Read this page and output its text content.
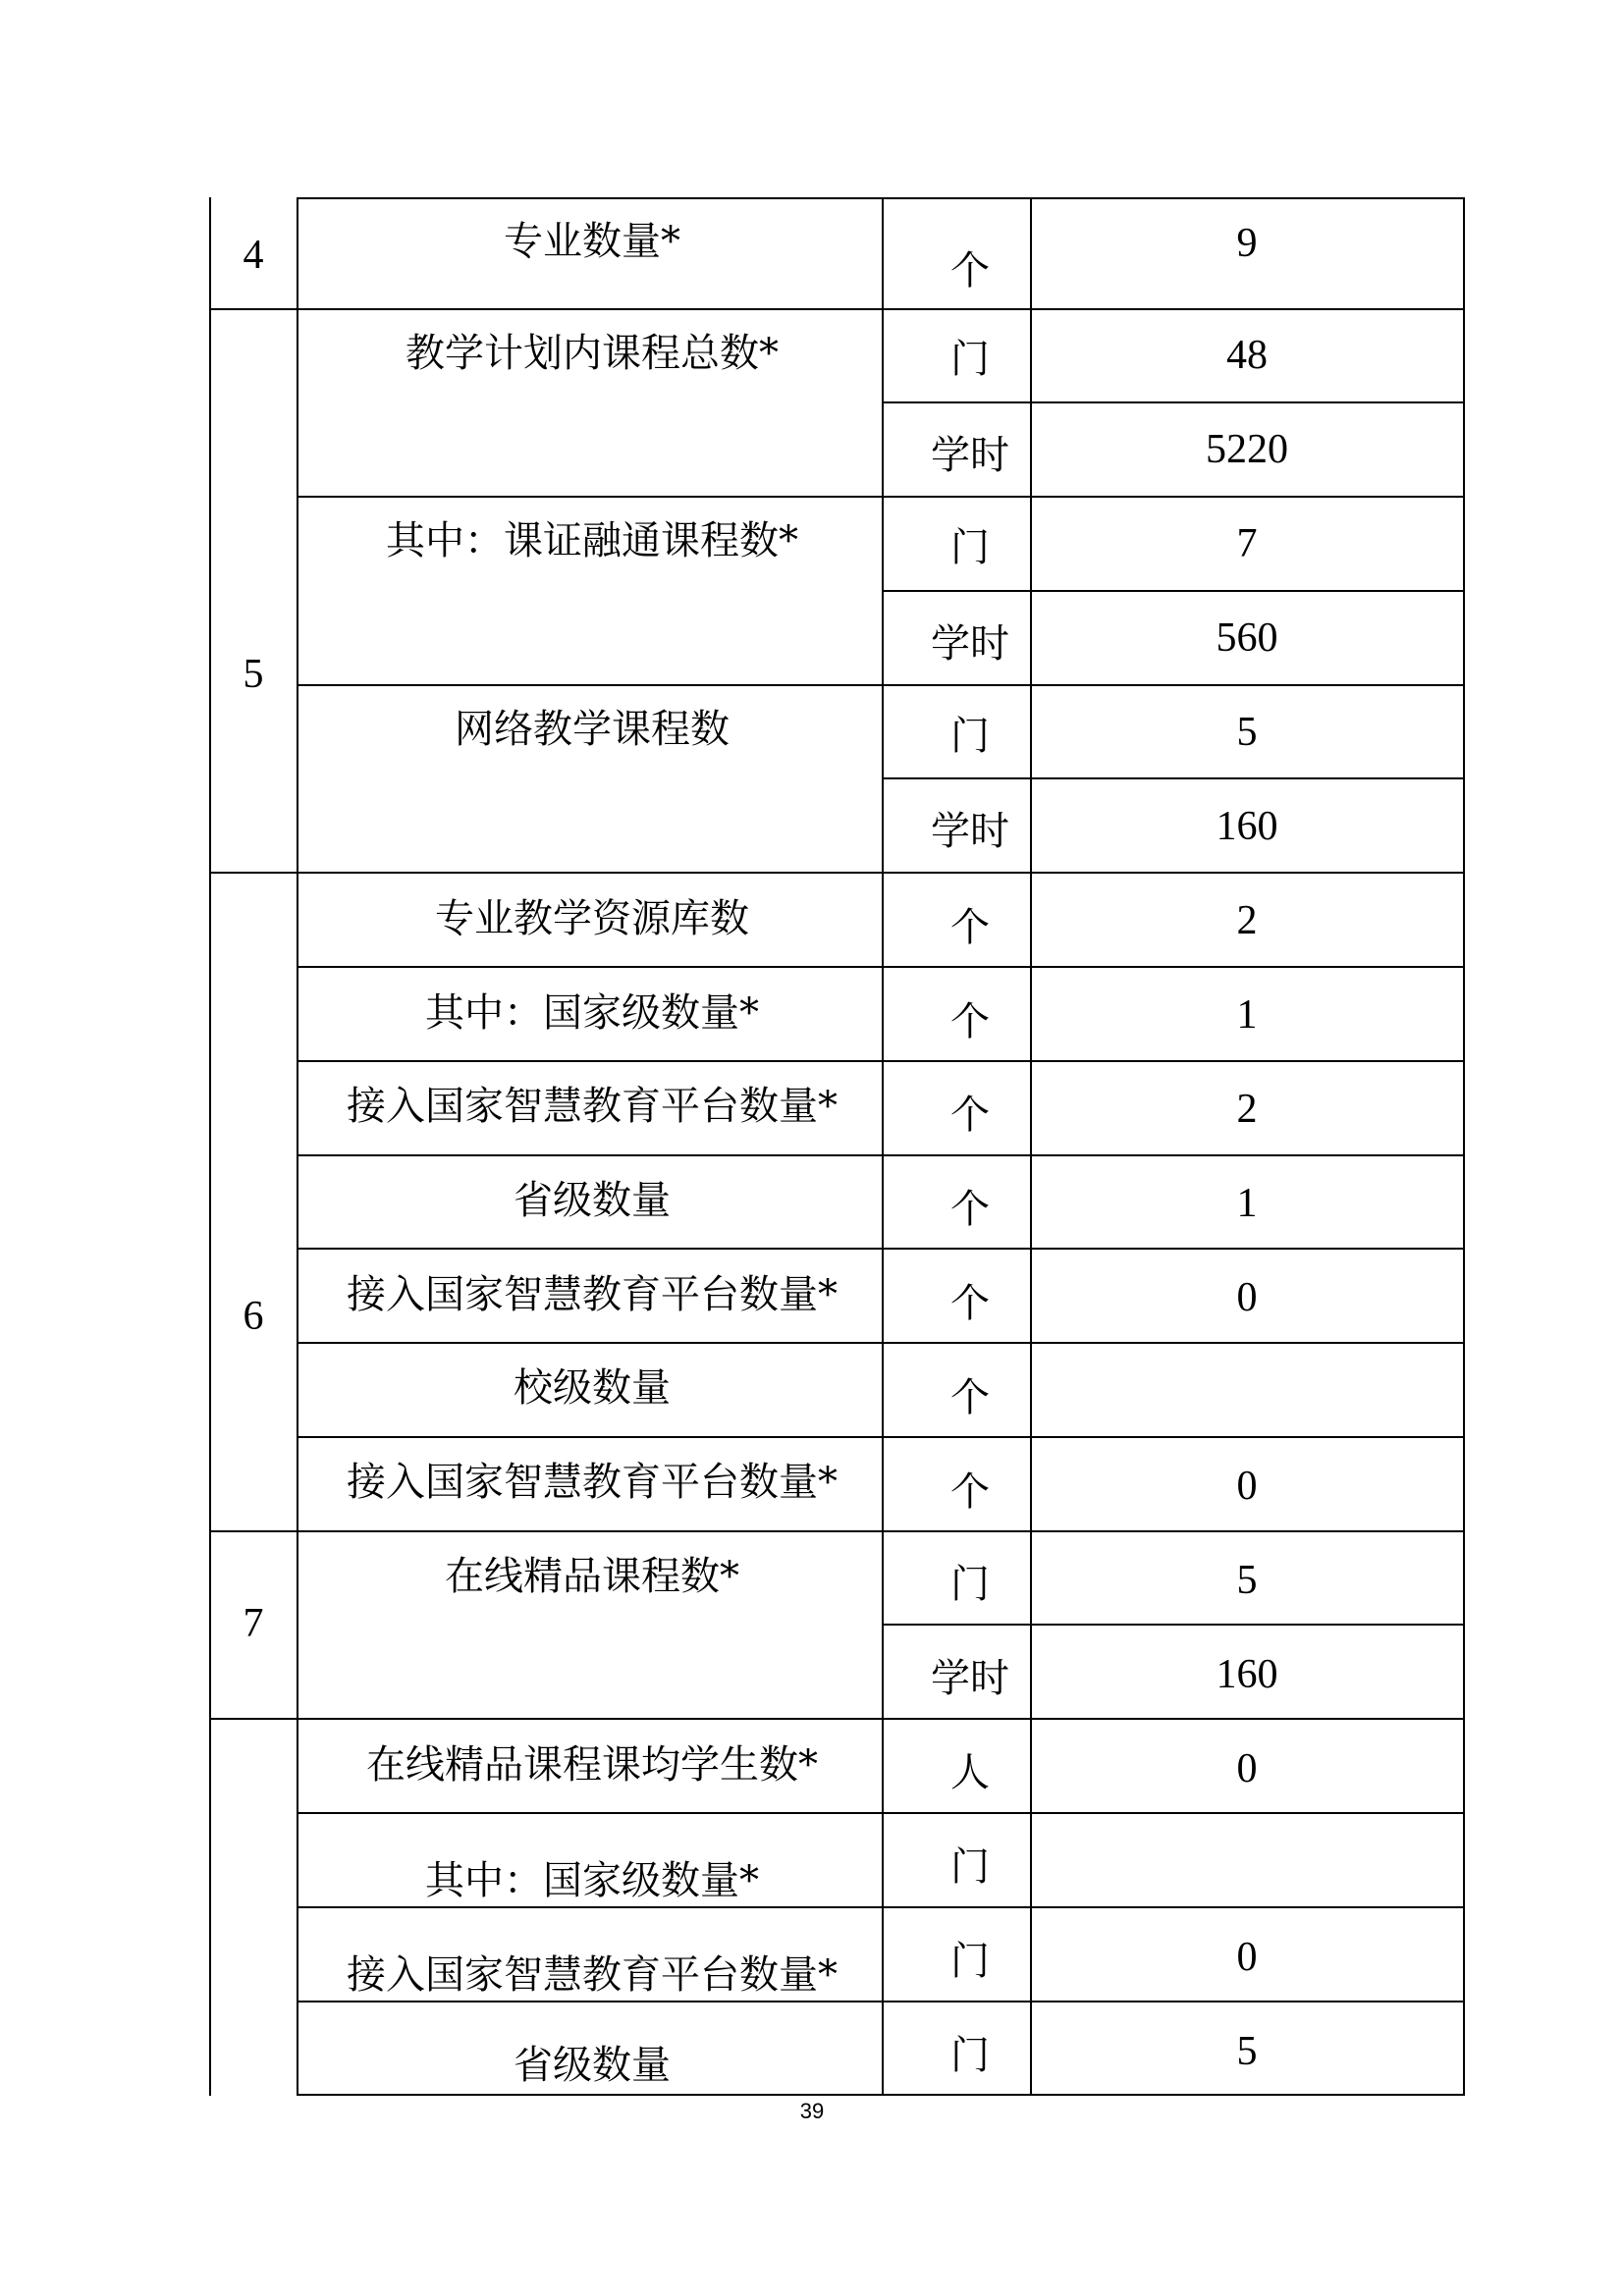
4
5
6
7
专业数量*
教学计划内课程总数*
其中：课证融通课程数*
网络教学课程数
专业教学资源库数
其中：国家级数量*
接入国家智慧教育平台数量*
省级数量
接入国家智慧教育平台数量*
校级数量
接入国家智慧教育平台数量*
在线精品课程数*
在线精品课程课均学生数*
其中：国家级数量*
接入国家智慧教育平台数量*
省级数量
个
门
学时
门
学时
门
学时
个
个
个
个
个
个
个
门
学时
人
门
门
门
9
48
5220
7
560
5
160
2
1
2
1
0
0
5
160
0
0
5
39
